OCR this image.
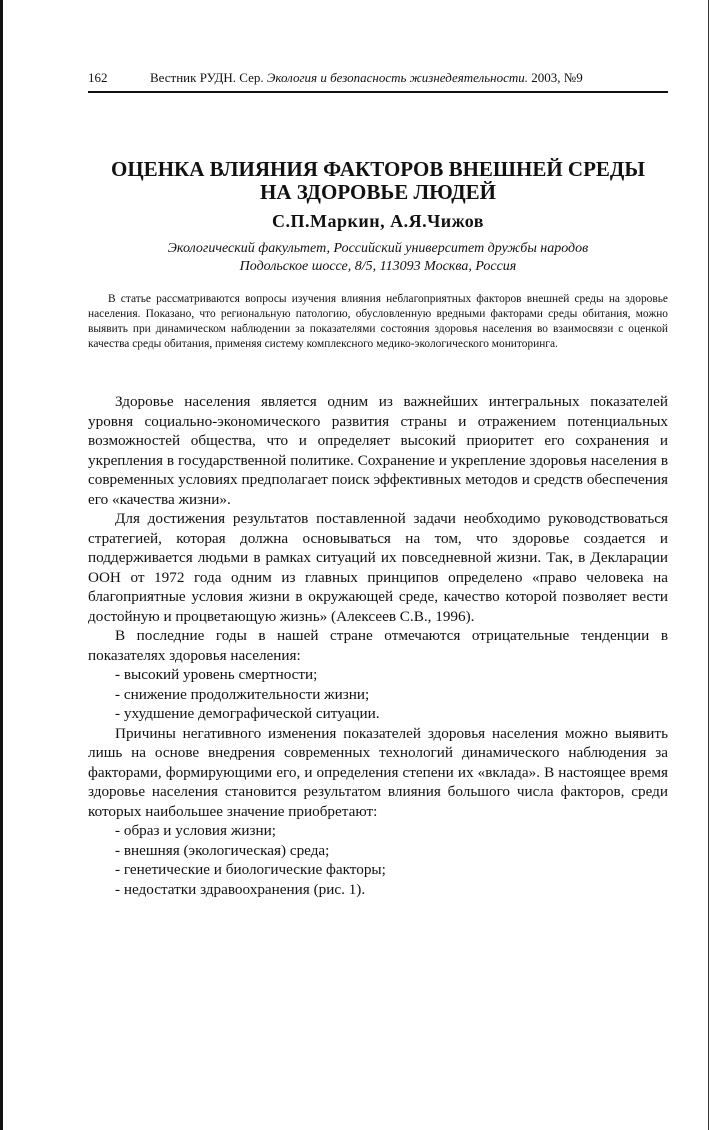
162	Вестник РУДН. Сер. Экология и безопасность жизнедеятельности. 2003, №9
ОЦЕНКА ВЛИЯНИЯ ФАКТОРОВ ВНЕШНЕЙ СРЕДЫ
НА ЗДОРОВЬЕ ЛЮДЕЙ
С.П.Маркин, А.Я.Чижов
Экологический факультет, Российский университет дружбы народов
Подольское шоссе, 8/5, 113093 Москва, Россия
В статье рассматриваются вопросы изучения влияния неблагоприятных факторов внешней среды на здоровье населения. Показано, что региональную патологию, обусловленную вредными факторами среды обитания, можно выявить при динамическом наблюдении за показателями состояния здоровья населения во взаимосвязи с оценкой качества среды обитания, применяя систему комплексного медико-экологического мониторинга.

Здоровье населения является одним из важнейших интегральных показателей уровня социально-экономического развития страны и отражением потенциальных возможностей общества, что и определяет высокий приоритет его сохранения и укрепления в государственной политике. Сохранение и укрепление здоровья населения в современных условиях предполагает поиск эффективных методов и средств обеспечения его «качества жизни».

Для достижения результатов поставленной задачи необходимо руководствоваться стратегией, которая должна основываться на том, что здоровье создается и поддерживается людьми в рамках ситуаций их повседневной жизни. Так, в Декларации ООН от 1972 года одним из главных принципов определено «право человека на благоприятные условия жизни в окружающей среде, качество которой позволяет вести достойную и процветающую жизнь» (Алексеев С.В., 1996).

В последние годы в нашей стране отмечаются отрицательные тенденции в показателях здоровья населения:

- высокий уровень смертности;
- снижение продолжительности жизни;
- ухудшение демографической ситуации.

Причины негативного изменения показателей здоровья населения можно выявить лишь на основе внедрения современных технологий динамического наблюдения за факторами, формирующими его, и определения степени их «вклада». В настоящее время здоровье населения становится результатом влияния большого числа факторов, среди которых наибольшее значение приобретают:

- образ и условия жизни;
- внешняя (экологическая) среда;
- генетические и биологические факторы;
- недостатки здравоохранения (рис. 1).
